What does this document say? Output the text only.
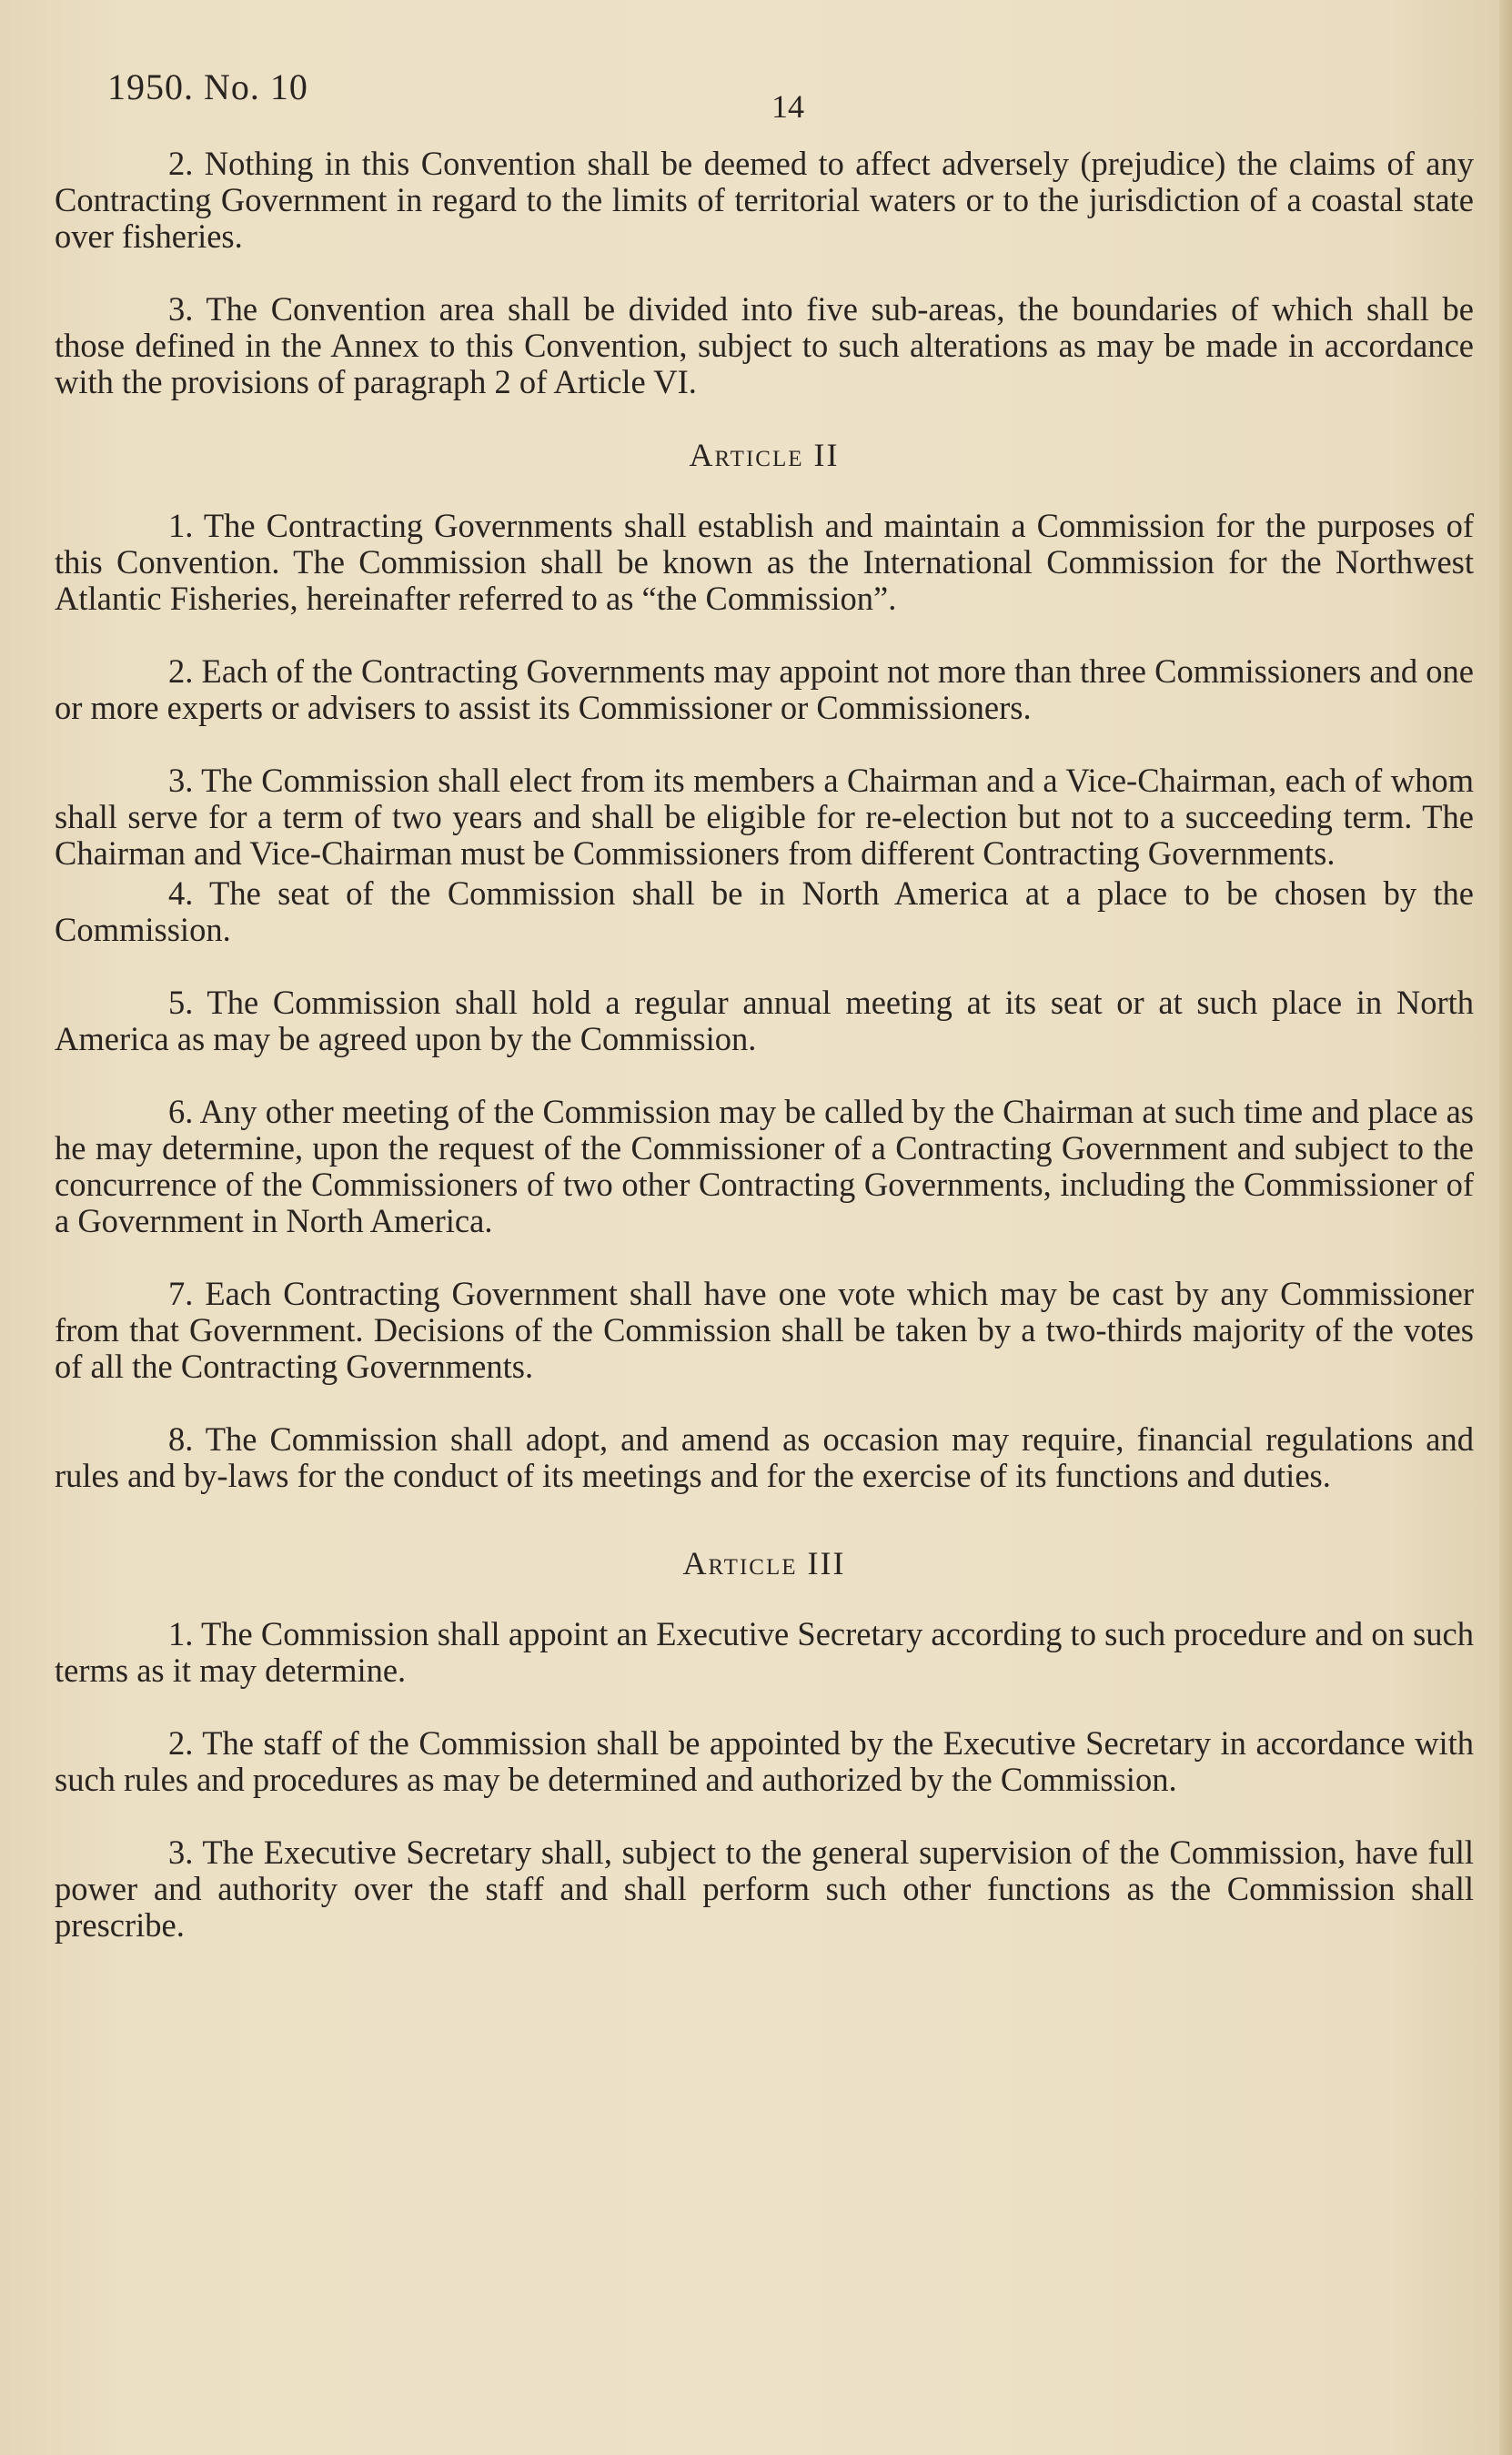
1950. No. 10	14

2. Nothing in this Convention shall be deemed to affect adversely (prejudice) the claims of any Contracting Government in regard to the limits of territorial waters or to the jurisdiction of a coastal state over fisheries.

3. The Convention area shall be divided into five sub-areas, the boundaries of which shall be those defined in the Annex to this Convention, subject to such alterations as may be made in accordance with the provisions of paragraph 2 of Article VI.

Article II

1. The Contracting Governments shall establish and maintain a Commission for the purposes of this Convention. The Commission shall be known as the International Commission for the Northwest Atlantic Fisheries, hereinafter referred to as “the Commission”.

2. Each of the Contracting Governments may appoint not more than three Commissioners and one or more experts or advisers to assist its Commissioner or Commissioners.

3. The Commission shall elect from its members a Chairman and a Vice-Chairman, each of whom shall serve for a term of two years and shall be eligible for re-election but not to a succeeding term. The Chairman and Vice-Chairman must be Commissioners from different Contracting Governments.

4. The seat of the Commission shall be in North America at a place to be chosen by the Commission.

5. The Commission shall hold a regular annual meeting at its seat or at such place in North America as may be agreed upon by the Commission.

6. Any other meeting of the Commission may be called by the Chairman at such time and place as he may determine, upon the request of the Commissioner of a Contracting Government and subject to the concurrence of the Commissioners of two other Contracting Governments, including the Commissioner of a Government in North America.

7. Each Contracting Government shall have one vote which may be cast by any Commissioner from that Government. Decisions of the Commission shall be taken by a two-thirds majority of the votes of all the Contracting Governments.

8. The Commission shall adopt, and amend as occasion may require, financial regulations and rules and by-laws for the conduct of its meetings and for the exercise of its functions and duties.

Article III

1. The Commission shall appoint an Executive Secretary according to such procedure and on such terms as it may determine.

2. The staff of the Commission shall be appointed by the Executive Secretary in accordance with such rules and procedures as may be determined and authorized by the Commission.

3. The Executive Secretary shall, subject to the general supervision of the Commission, have full power and authority over the staff and shall perform such other functions as the Commission shall prescribe.
